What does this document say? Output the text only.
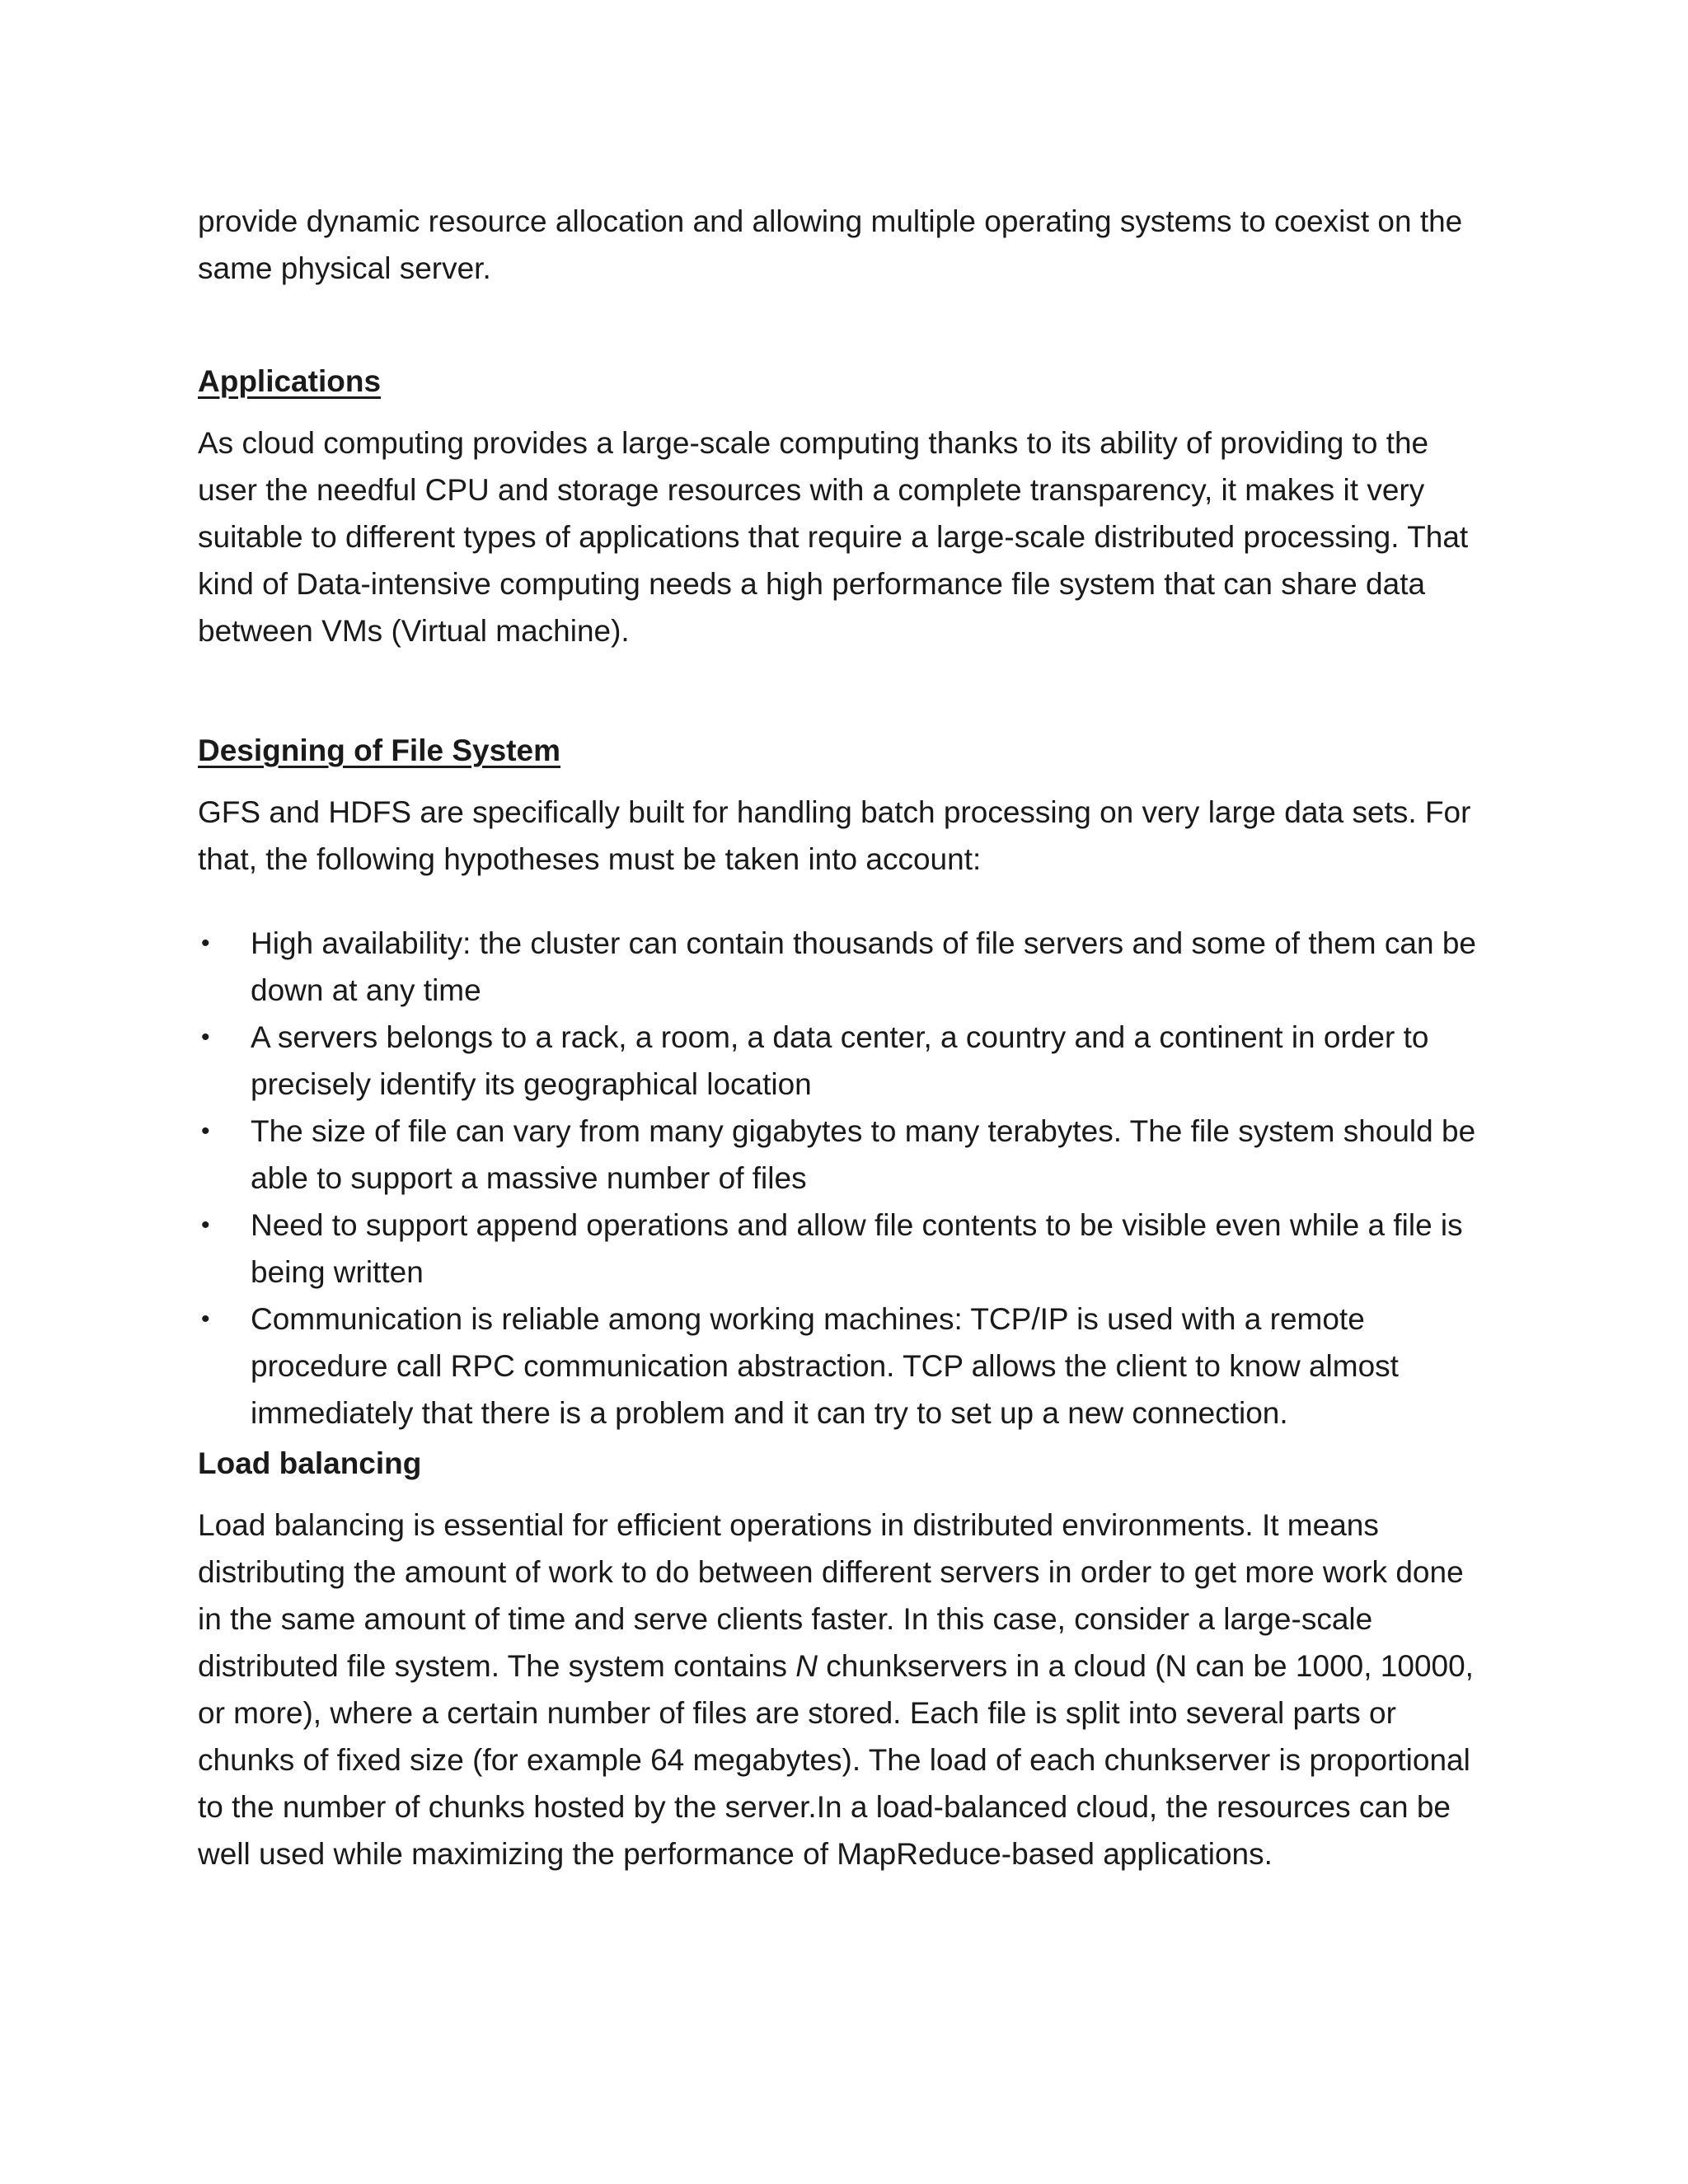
provide dynamic resource allocation and allowing multiple operating systems to coexist on the same physical server.

Applications

As cloud computing provides a large-scale computing thanks to its ability of providing to the user the needful CPU and storage resources with a complete transparency, it makes it very suitable to different types of applications that require a large-scale distributed processing. That kind of Data-intensive computing needs a high performance file system that can share data between VMs (Virtual machine).

Designing of File System

GFS and HDFS are specifically built for handling batch processing on very large data sets. For that, the following hypotheses must be taken into account:

• High availability: the cluster can contain thousands of file servers and some of them can be down at any time
• A servers belongs to a rack, a room, a data center, a country and a continent in order to precisely identify its geographical location
• The size of file can vary from many gigabytes to many terabytes. The file system should be able to support a massive number of files
• Need to support append operations and allow file contents to be visible even while a file is being written
• Communication is reliable among working machines: TCP/IP is used with a remote procedure call RPC communication abstraction. TCP allows the client to know almost immediately that there is a problem and it can try to set up a new connection.
Load balancing

Load balancing is essential for efficient operations in distributed environments. It means distributing the amount of work to do between different servers in order to get more work done in the same amount of time and serve clients faster. In this case, consider a large-scale distributed file system. The system contains N chunkservers in a cloud (N can be 1000, 10000, or more), where a certain number of files are stored. Each file is split into several parts or chunks of fixed size (for example 64 megabytes). The load of each chunkserver is proportional to the number of chunks hosted by the server.In a load-balanced cloud, the resources can be well used while maximizing the performance of MapReduce-based applications.
